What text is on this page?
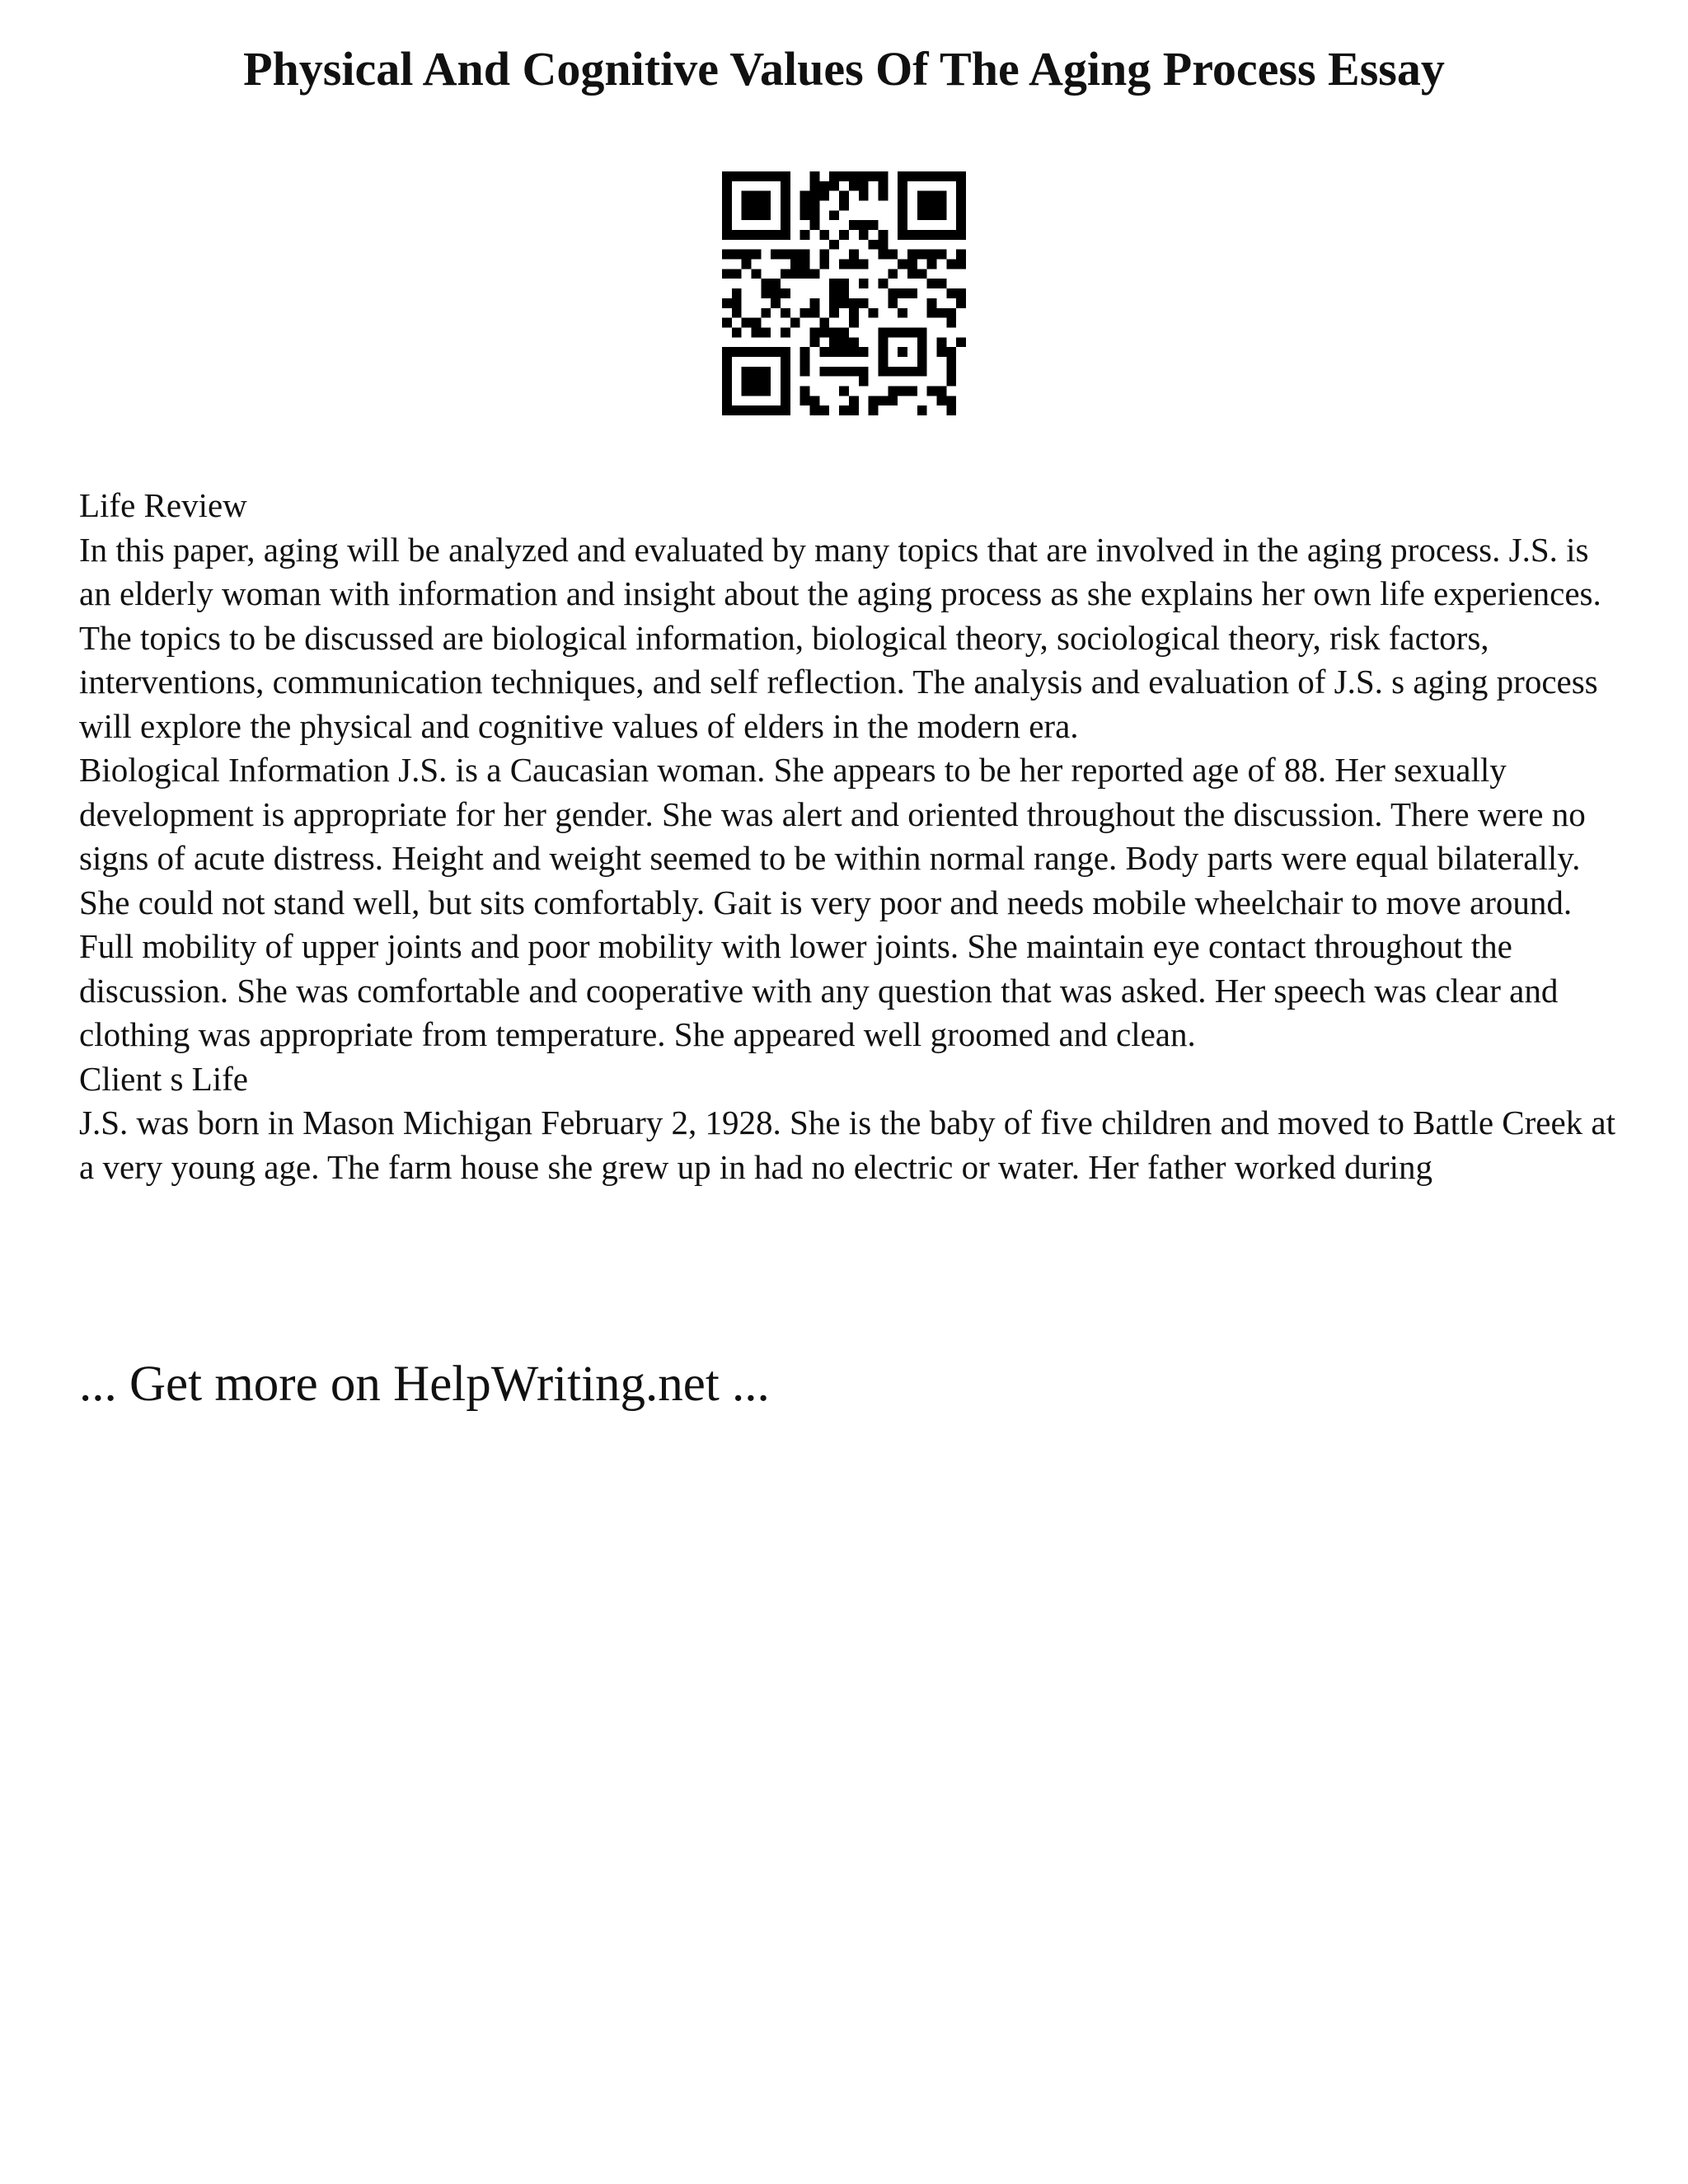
Physical And Cognitive Values Of The Aging Process Essay

Life Review

In this paper, aging will be analyzed and evaluated by many topics that are involved in the aging process. J.S. is an elderly woman with information and insight about the aging process as she explains her own life experiences. The topics to be discussed are biological information, biological theory, sociological theory, risk factors, interventions, communication techniques, and self reflection. The analysis and evaluation of J.S. s aging process will explore the physical and cognitive values of elders in the modern era.

Biological Information J.S. is a Caucasian woman. She appears to be her reported age of 88. Her sexually development is appropriate for her gender. She was alert and oriented throughout the discussion. There were no signs of acute distress. Height and weight seemed to be within normal range. Body parts were equal bilaterally. She could not stand well, but sits comfortably. Gait is very poor and needs mobile wheelchair to move around. Full mobility of upper joints and poor mobility with lower joints. She maintain eye contact throughout the discussion. She was comfortable and cooperative with any question that was asked. Her speech was clear and clothing was appropriate from temperature. She appeared well groomed and clean.

Client s Life

J.S. was born in Mason Michigan February 2, 1928. She is the baby of five children and moved to Battle Creek at a very young age. The farm house she grew up in had no electric or water. Her father worked during

... Get more on HelpWriting.net ...
